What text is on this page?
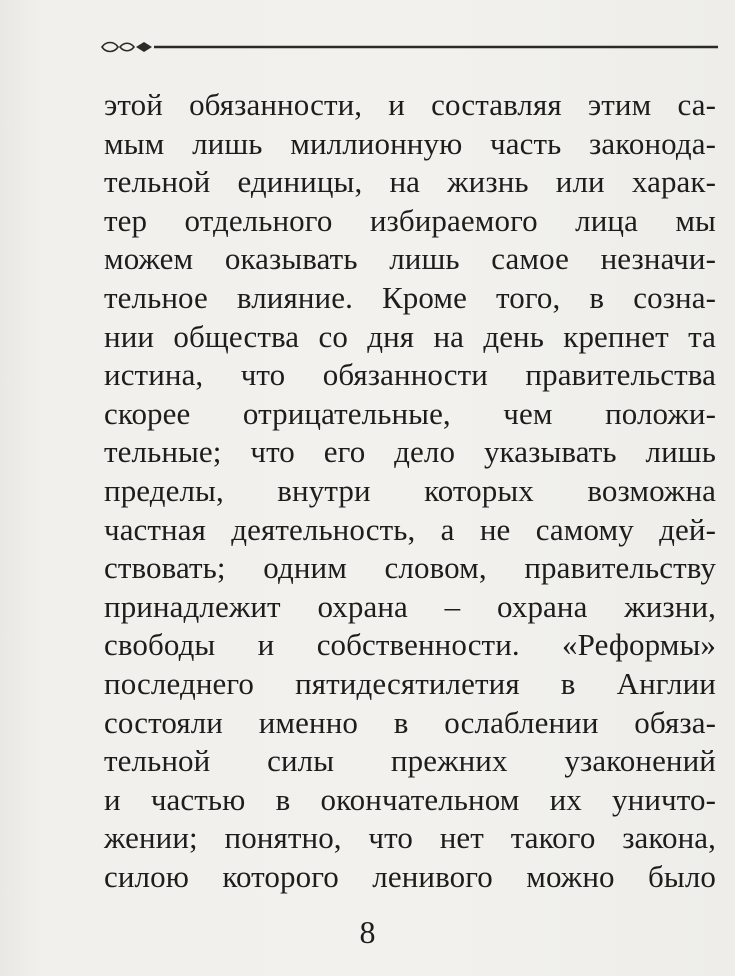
этой обязанности, и составляя этим са-
мым лишь миллионную часть законода-
тельной единицы, на жизнь или харак-
тер отдельного избираемого лица мы
можем оказывать лишь самое незначи-
тельное влияние. Кроме того, в созна-
нии общества со дня на день крепнет та
истина, что обязанности правительства
скорее отрицательные, чем положи-
тельные; что его дело указывать лишь
пределы, внутри которых возможна
частная деятельность, а не самому дей-
ствовать; одним словом, правительству
принадлежит охрана – охрана жизни,
свободы и собственности. «Реформы»
последнего пятидесятилетия в Англии
состояли именно в ослаблении обяза-
тельной силы прежних узаконений
и частью в окончательном их уничто-
жении; понятно, что нет такого закона,
силою которого ленивого можно было
8
